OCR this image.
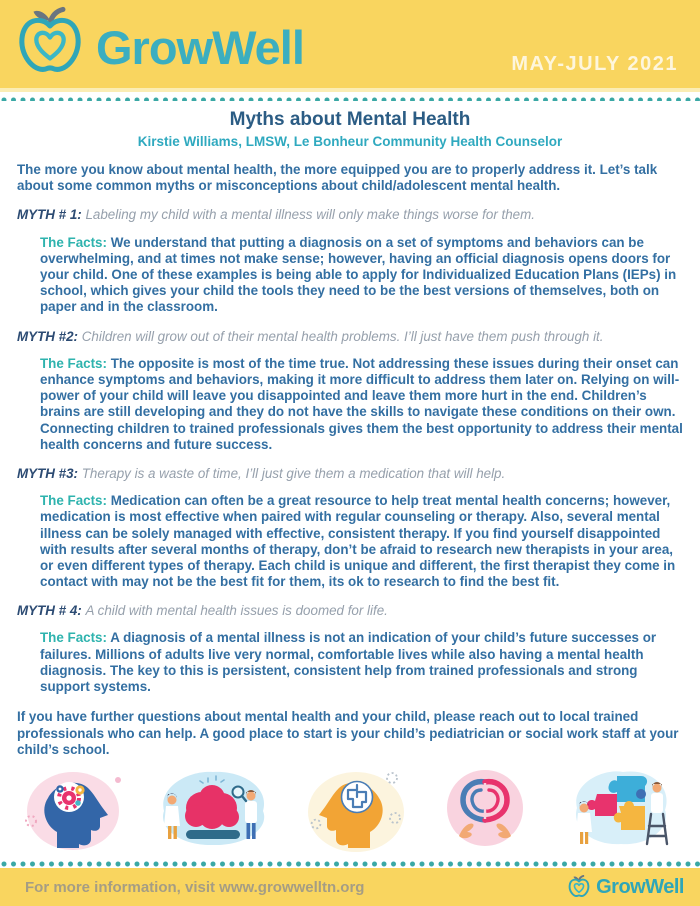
GrowWell	MAY-JULY 2021
Myths about Mental Health
Kirstie Williams, LMSW, Le Bonheur Community Health Counselor

The more you know about mental health, the more equipped you are to properly address it. Let’s talk about some common myths or misconceptions about child/adolescent mental health.

MYTH # 1: Labeling my child with a mental illness will only make things worse for them.

The Facts: We understand that putting a diagnosis on a set of symptoms and behaviors can be overwhelming, and at times not make sense; however, having an official diagnosis opens doors for your child. One of these examples is being able to apply for Individualized Education Plans (IEPs) in school, which gives your child the tools they need to be the best versions of themselves, both on paper and in the classroom.

MYTH #2: Children will grow out of their mental health problems. I’ll just have them push through it.

The Facts: The opposite is most of the time true. Not addressing these issues during their onset can enhance symptoms and behaviors, making it more difficult to address them later on. Relying on will-power of your child will leave you disappointed and leave them more hurt in the end. Children’s brains are still developing and they do not have the skills to navigate these conditions on their own. Connecting children to trained professionals gives them the best opportunity to address their mental health concerns and future success.

MYTH #3: Therapy is a waste of time, I’ll just give them a medication that will help.

The Facts: Medication can often be a great resource to help treat mental health concerns; however, medication is most effective when paired with regular counseling or therapy. Also, several mental illness can be solely managed with effective, consistent therapy. If you find yourself disappointed with results after several months of therapy, don’t be afraid to research new therapists in your area, or even different types of therapy. Each child is unique and different, the first therapist they come in contact with may not be the best fit for them, its ok to research to find the best fit.

MYTH # 4: A child with mental health issues is doomed for life.

The Facts: A diagnosis of a mental illness is not an indication of your child’s future successes or failures. Millions of adults live very normal, comfortable lives while also having a mental health diagnosis. The key to this is persistent, consistent help from trained professionals and strong support systems.

If you have further questions about mental health and your child, please reach out to local trained professionals who can help. A good place to start is your child’s pediatrician or social work staff at your child’s school.

For more information, visit www.growwelltn.org	GrowWell
